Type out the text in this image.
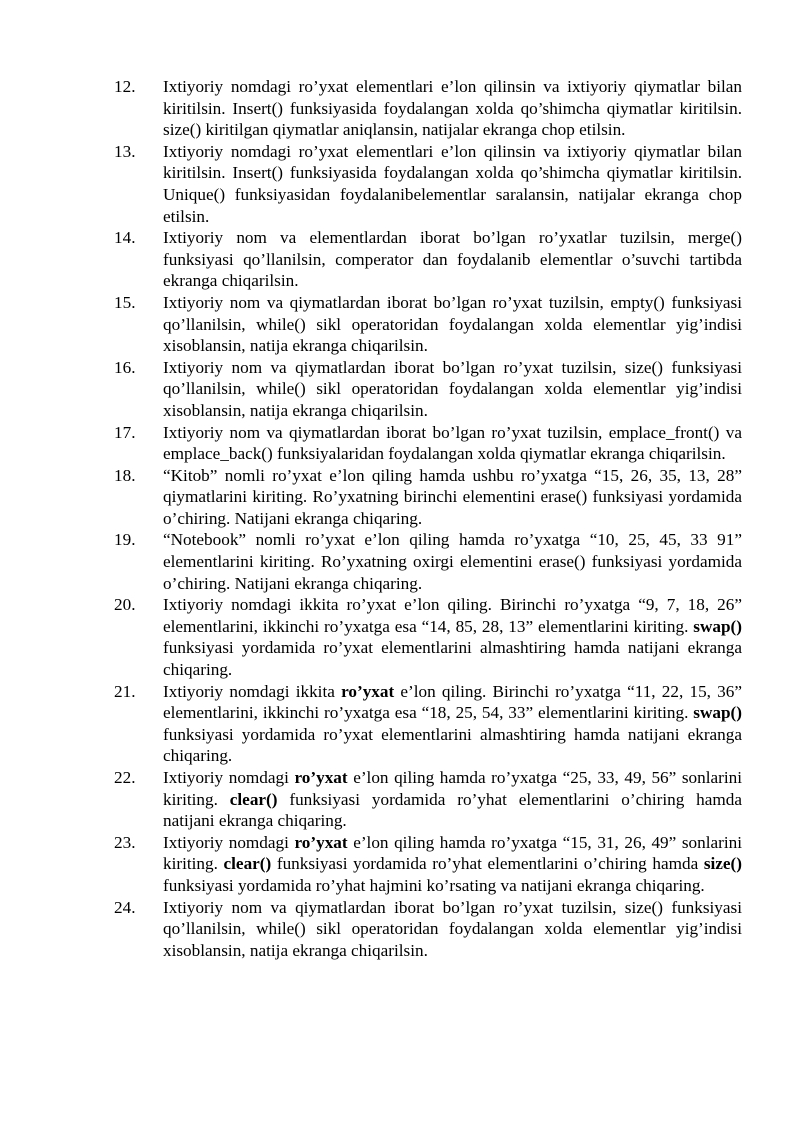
12.	Ixtiyoriy nomdagi ro’yxat elementlari e’lon qilinsin va ixtiyoriy qiymatlar bilan kiritilsin. Insert() funksiyasida foydalangan xolda qo’shimcha qiymatlar kiritilsin. size() kiritilgan qiymatlar aniqlansin, natijalar ekranga chop etilsin.
13.	Ixtiyoriy nomdagi ro’yxat elementlari e’lon qilinsin va ixtiyoriy qiymatlar bilan kiritilsin. Insert() funksiyasida foydalangan xolda qo’shimcha qiymatlar kiritilsin. Unique() funksiyasidan foydalanibelementlar saralansin, natijalar ekranga chop etilsin.
14.	Ixtiyoriy nom va elementlardan iborat bo’lgan ro’yxatlar tuzilsin, merge() funksiyasi qo’llanilsin, comperator dan foydalanib elementlar o’suvchi tartibda ekranga chiqarilsin.
15.	Ixtiyoriy nom va qiymatlardan iborat bo’lgan ro’yxat tuzilsin, empty() funksiyasi qo’llanilsin, while() sikl operatoridan foydalangan xolda elementlar yig’indisi xisoblansin, natija ekranga chiqarilsin.
16.	Ixtiyoriy nom va qiymatlardan iborat bo’lgan ro’yxat tuzilsin, size() funksiyasi qo’llanilsin, while() sikl operatoridan foydalangan xolda elementlar yig’indisi xisoblansin, natija ekranga chiqarilsin.
17.	Ixtiyoriy nom va qiymatlardan iborat bo’lgan ro’yxat tuzilsin, emplace_front() va emplace_back() funksiyalaridan foydalangan xolda qiymatlar ekranga chiqarilsin.
18.	“Kitob” nomli ro’yxat e’lon qiling hamda ushbu ro’yxatga “15, 26, 35, 13, 28” qiymatlarini kiriting. Ro’yxatning birinchi elementini erase() funksiyasi yordamida o’chiring. Natijani ekranga chiqaring.
19.	“Notebook” nomli ro’yxat e’lon qiling hamda ro’yxatga “10, 25, 45, 33 91” elementlarini kiriting. Ro’yxatning oxirgi elementini erase() funksiyasi yordamida o’chiring. Natijani ekranga chiqaring.
20.	Ixtiyoriy nomdagi ikkita ro’yxat e’lon qiling. Birinchi ro’yxatga “9, 7, 18, 26” elementlarini, ikkinchi ro’yxatga esa “14, 85, 28, 13” elementlarini kiriting. swap() funksiyasi yordamida ro’yxat elementlarini almashtiring hamda natijani ekranga chiqaring.
21.	Ixtiyoriy nomdagi ikkita ro’yxat e’lon qiling. Birinchi ro’yxatga “11, 22, 15, 36” elementlarini, ikkinchi ro’yxatga esa “18, 25, 54, 33” elementlarini kiriting. swap() funksiyasi yordamida ro’yxat elementlarini almashtiring hamda natijani ekranga chiqaring.
22.	Ixtiyoriy nomdagi ro’yxat e’lon qiling hamda ro’yxatga “25, 33, 49, 56” sonlarini kiriting. clear() funksiyasi yordamida ro’yhat elementlarini o’chiring hamda natijani ekranga chiqaring.
23.	Ixtiyoriy nomdagi ro’yxat e’lon qiling hamda ro’yxatga “15, 31, 26, 49” sonlarini kiriting. clear() funksiyasi yordamida ro’yhat elementlarini o’chiring hamda size() funksiyasi yordamida ro’yhat hajmini ko’rsating va natijani ekranga chiqaring.
24.	Ixtiyoriy nom va qiymatlardan iborat bo’lgan ro’yxat tuzilsin, size() funksiyasi qo’llanilsin, while() sikl operatoridan foydalangan xolda elementlar yig’indisi xisoblansin, natija ekranga chiqarilsin.
